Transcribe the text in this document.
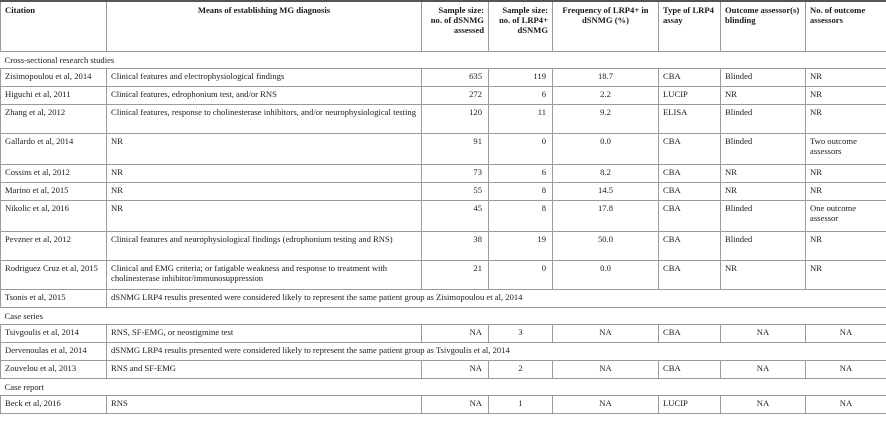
Citation	Means of establishing MG diagnosis	Sample size: no. of dSNMG assessed	Sample size: no. of LRP4+ dSNMG	Frequency of LRP4+ in dSNMG (%)	Type of LRP4 assay	Outcome assessor(s) blinding	No. of outcome assessors
Cross-sectional research studies							
Zisimopoulou et al, 2014	Clinical features and electrophysiological findings	635	119	18.7	CBA	Blinded	NR
Higuchi et al, 2011	Clinical features, edrophonium test, and/or RNS	272	6	2.2	LUCIP	NR	NR
Zhang et al, 2012	Clinical features, response to cholinesterase inhibitors, and/or neurophysiological testing	120	11	9.2	ELISA	Blinded	NR
Gallardo et al, 2014	NR	91	0	0.0	CBA	Blinded	Two outcome assessors
Cossins et al, 2012	NR	73	6	8.2	CBA	NR	NR
Marino et al, 2015	NR	55	8	14.5	CBA	NR	NR
Nikolic et al, 2016	NR	45	8	17.8	CBA	Blinded	One outcome assessor
Pevzner et al, 2012	Clinical features and neurophysiological findings (edrophonium testing and RNS)	38	19	50.0	CBA	Blinded	NR
Rodriguez Cruz et al, 2015	Clinical and EMG criteria; or fatigable weakness and response to treatment with cholinesterase inhibitor/immunosuppression	21	0	0.0	CBA	NR	NR
Tsonis et al, 2015	dSNMG LRP4 results presented were considered likely to represent the same patient group as Zisimopoulou et al, 2014						
Case series							
Tsivgoulis et al, 2014	RNS, SF-EMG, or neostigmine test	NA	3	NA	CBA	NA	NA
Dervenoulas et al, 2014	dSNMG LRP4 results presented were considered likely to represent the same patient group as Tsivgoulis et al, 2014						
Zouvelou et al, 2013	RNS and SF-EMG	NA	2	NA	CBA	NA	NA
Case report							
Beck et al, 2016	RNS	NA	1	NA	LUCIP	NA	NA
